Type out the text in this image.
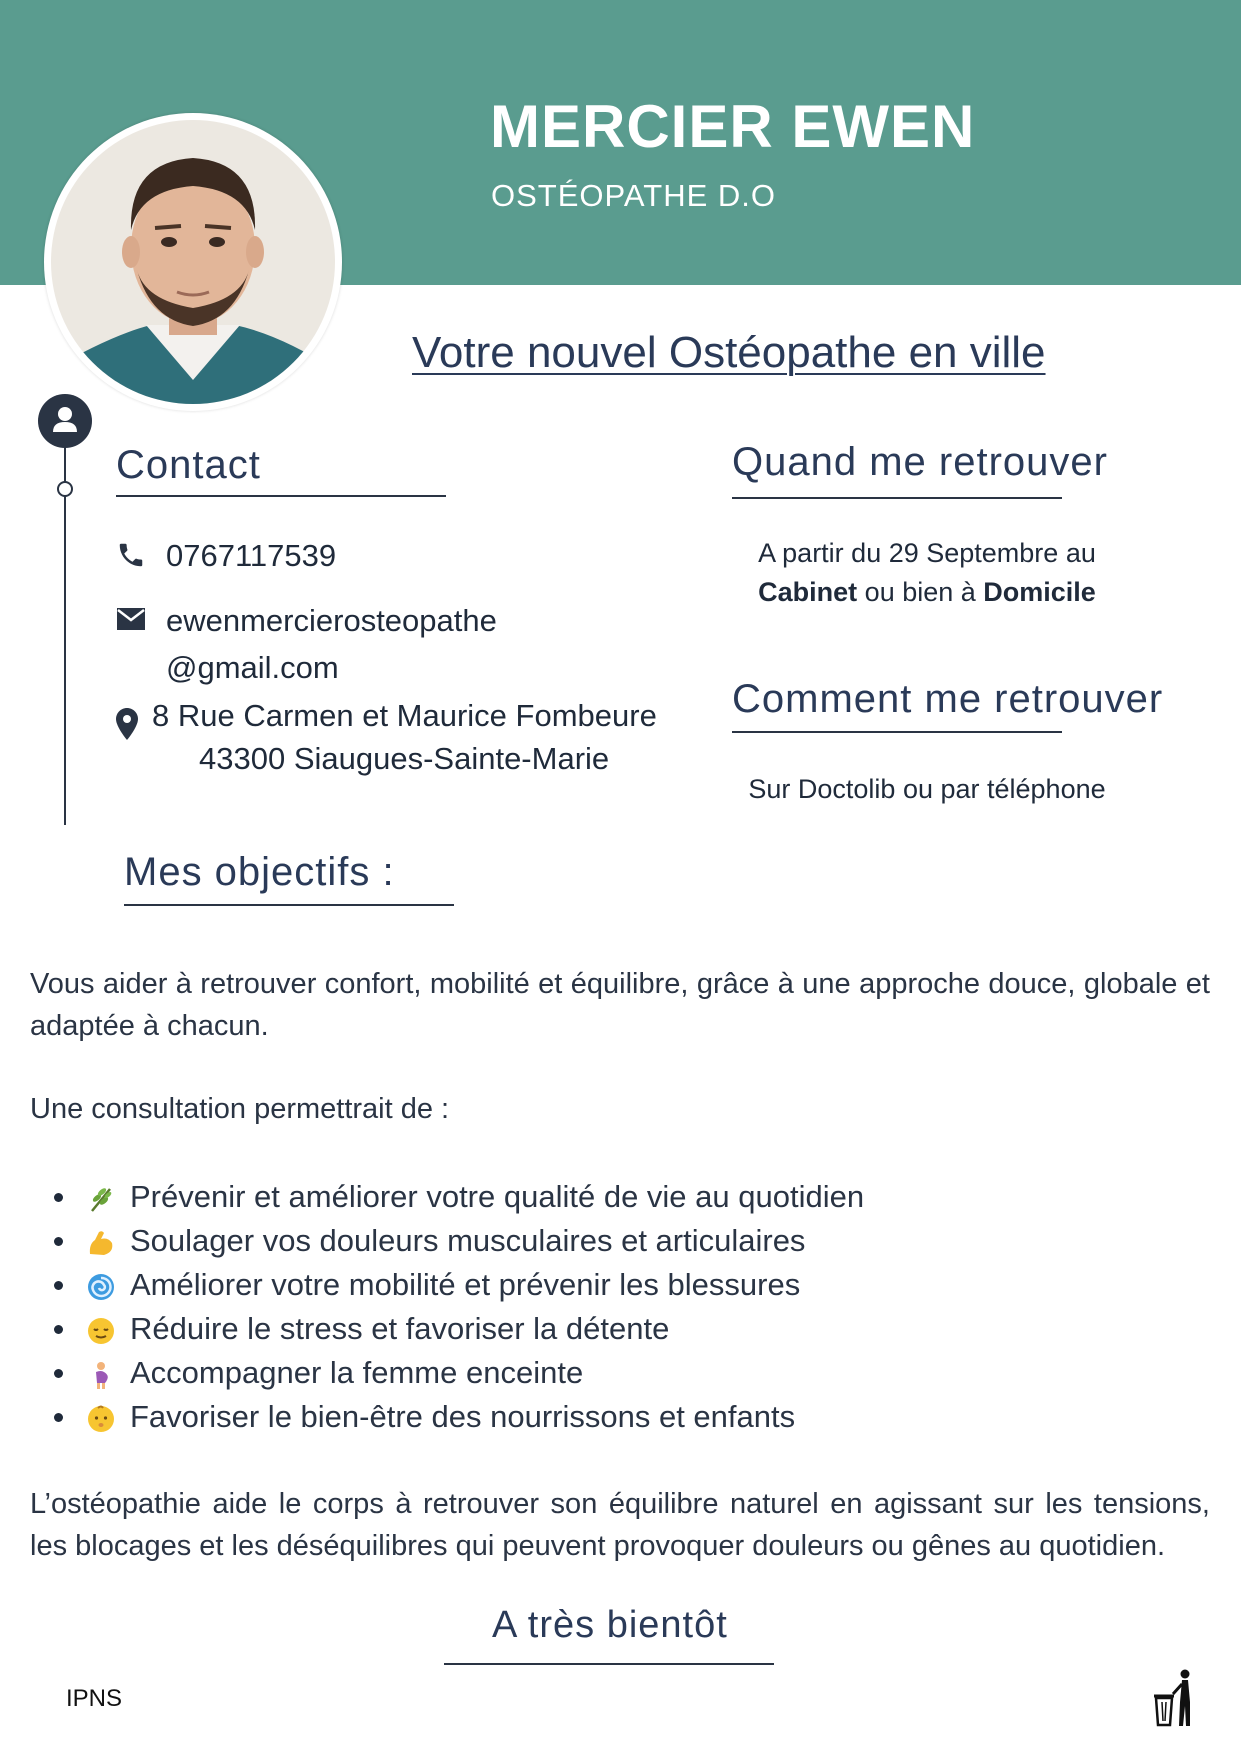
MERCIER EWEN
OSTÉOPATHE D.O
Votre nouvel Ostéopathe en ville
Contact
0767117539
ewenmercierosteopathe
@gmail.com
8 Rue Carmen et Maurice Fombeure
43300 Siaugues-Sainte-Marie
Quand me retrouver
A partir du 29 Septembre au
Cabinet ou bien à Domicile
Comment me retrouver
Sur Doctolib ou par téléphone
Mes objectifs :

Vous aider à retrouver confort, mobilité et équilibre, grâce à une approche douce, globale et adaptée à chacun.

Une consultation permettrait de :

Prévenir et améliorer votre qualité de vie au quotidien
Soulager vos douleurs musculaires et articulaires
Améliorer votre mobilité et prévenir les blessures
Réduire le stress et favoriser la détente
Accompagner la femme enceinte
Favoriser le bien-être des nourrissons et enfants

L’ostéopathie aide le corps à retrouver son équilibre naturel en agissant sur les tensions, les blocages et les déséquilibres qui peuvent provoquer douleurs ou gênes au quotidien.

A très bientôt
IPNS
